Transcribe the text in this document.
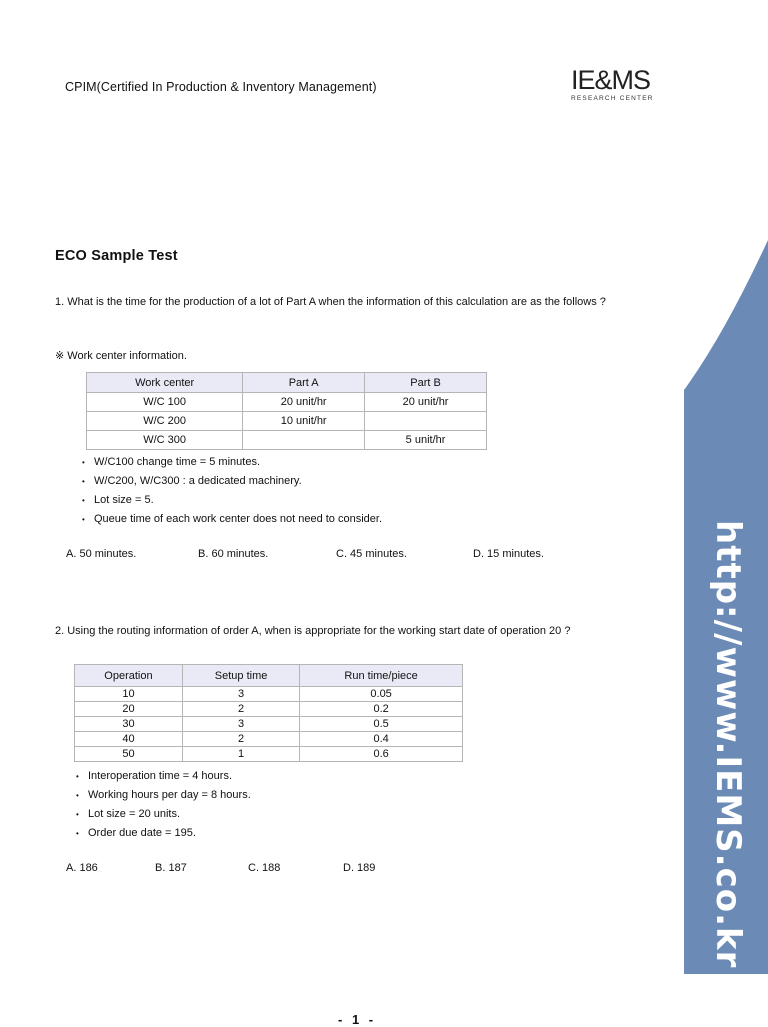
CPIM(Certified In Production & Inventory Management)	IE&MS
RESEARCH CENTER
http://www.IEMS.co.kr
ECO Sample Test
1. What is the time for the production of a lot of Part A when the information of this calculation are as the follows ?
※ Work center information.
Work center	Part A	Part B
W/C 100	20 unit/hr	20 unit/hr
W/C 200	10 unit/hr	
W/C 300		5 unit/hr
• W/C100 change time = 5 minutes.
• W/C200, W/C300 : a dedicated machinery.
• Lot size = 5.
• Queue time of each work center does not need to consider.
A. 50 minutes.	B. 60 minutes.	C. 45 minutes.	D. 15 minutes.
2. Using the routing information of order A, when is appropriate for the working start date of operation 20 ?
Operation	Setup time	Run time/piece
10	3	0.05
20	2	0.2
30	3	0.5
40	2	0.4
50	1	0.6
• Interoperation time = 4 hours.
• Working hours per day = 8 hours.
• Lot size = 20 units.
• Order due date = 195.
A. 186	B. 187	C. 188	D. 189
- 1 -
